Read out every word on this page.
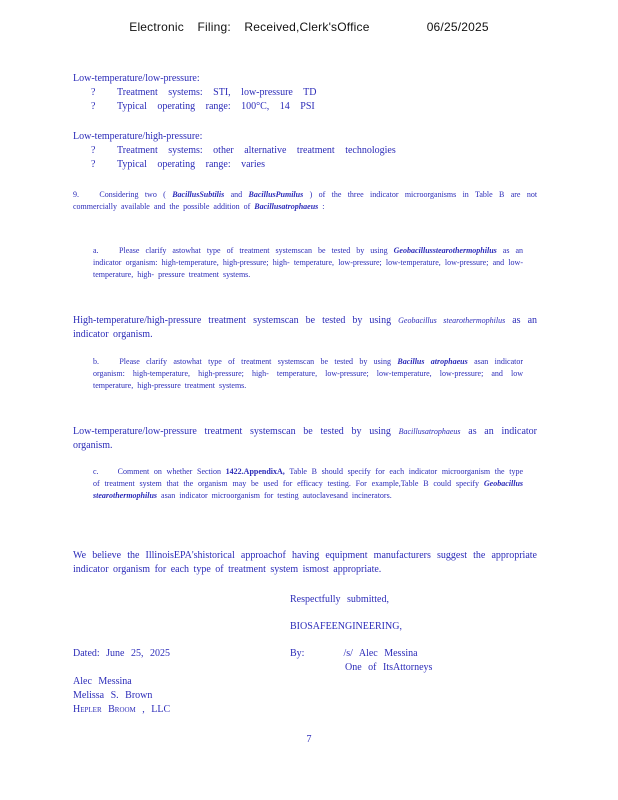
Electronic Filing: Received,Clerk'sOffice	06/25/2025
Low-temperature/low-pressure:
?	Treatment systems: STI, low-pressure TD
?	Typical operating range: 100°C, 14 PSI
Low-temperature/high-pressure:
?	Treatment systems: other alternative treatment technologies
?	Typical operating range: varies
9.	Considering two ( BacillusSubtilis and BacillusPumilus ) of the three indicator microorganisms in Table B are not commercially available and the possible addition of Bacillusatrophaeus :
a.	Please clarify astowhat type of treatment systemscan be tested by using Geobacillusstearothermophilus as an indicator organism: high-temperature, high-pressure; high- temperature, low-pressure; low-temperature, low-pressure; and low-temperature, high- pressure treatment systems.
High-temperature/high-pressure treatment systemscan be tested by using Geobacillus stearothermophilus as an indicator organism.
b.	Please clarify astowhat type of treatment systemscan be tested by using Bacillus atrophaeus asan indicator organism: high-temperature, high-pressure; high- temperature, low-pressure; low-temperature, low-pressure; and low temperature, high-pressure treatment systems.
Low-temperature/low-pressure treatment systemscan be tested by using Bacillusatrophaeus as an indicator organism.
c. Comment on whether Section 1422.AppendixA, Table B should specify for each indicator microorganism the type of treatment system that the organism may be used for efficacy testing. For example,Table B could specify Geobacillus stearothermophilus asan indicator microorganism for testing autoclavesand incinerators.
We believe the IllinoisEPA'shistorical approachof having equipment manufacturers suggest the appropriate indicator organism for each type of treatment system ismost appropriate.
Respectfully submitted,
BIOSAFEENGINEERING,
Dated: June 25, 2025	By:	/s/ Alec Messina
One of ItsAttorneys
Alec Messina
Melissa S. Brown
Hepler Broom , LLC
7
